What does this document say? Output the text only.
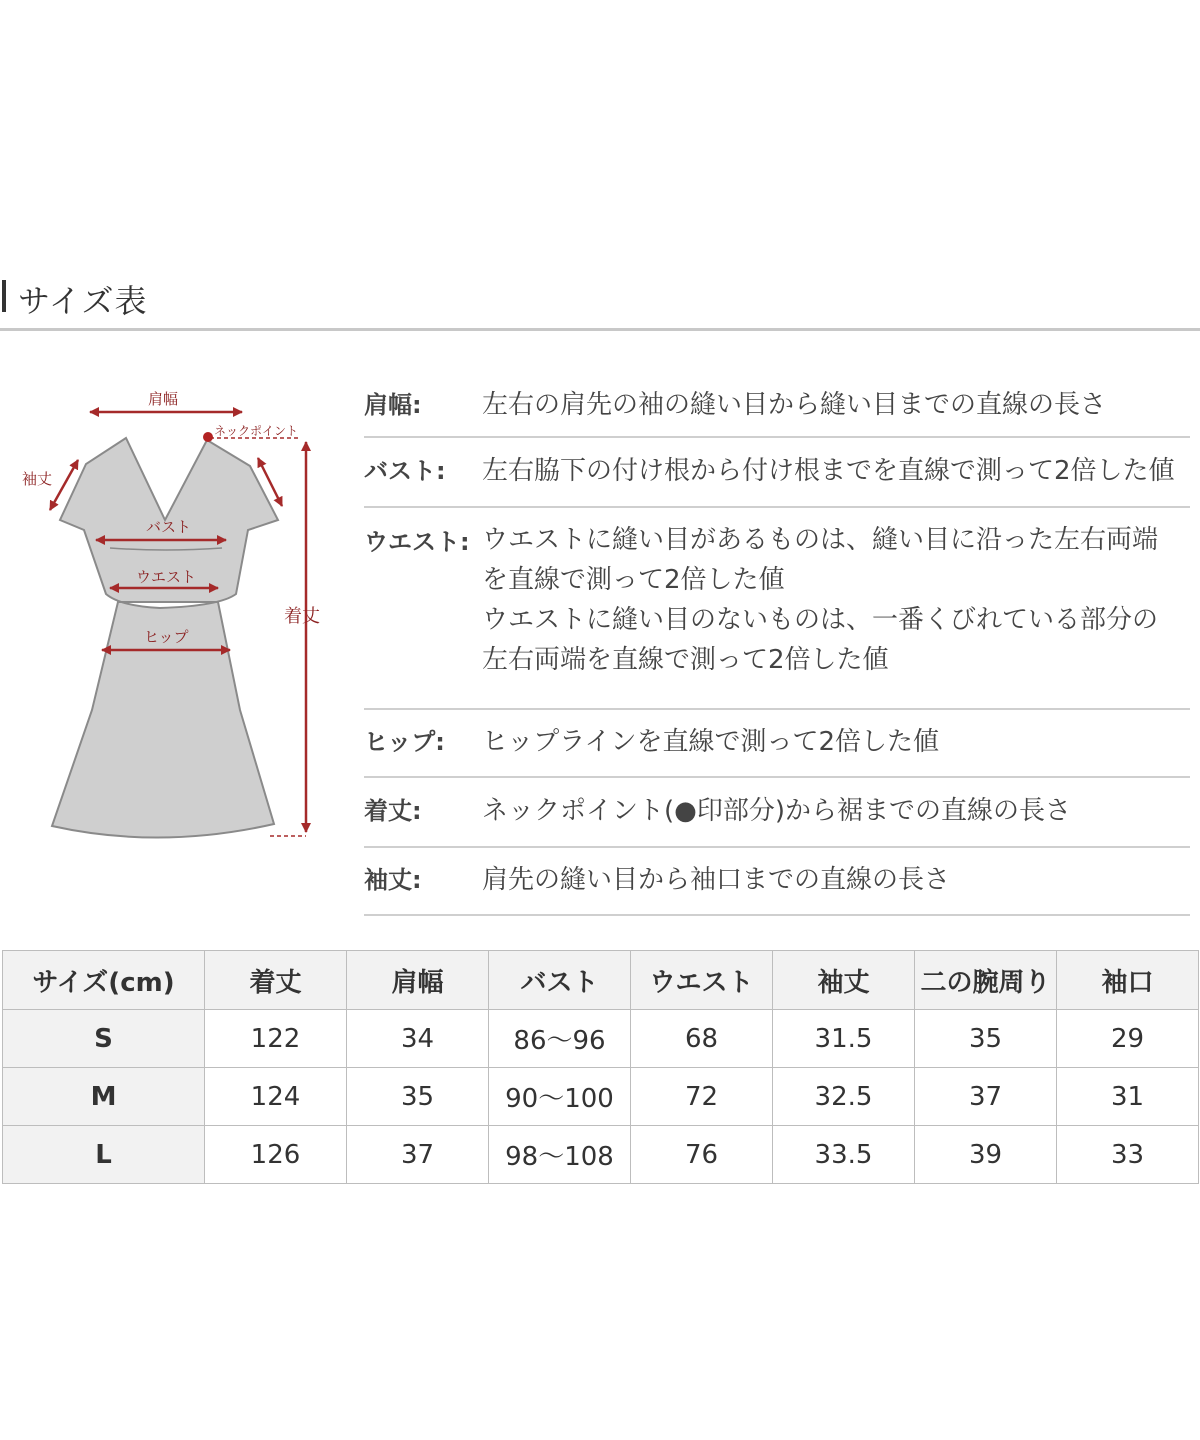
サイズ表
肩幅
ネックポイント
袖丈
バスト
ウエスト
ヒップ
着丈
肩幅:	左右の肩先の袖の縫い目から縫い目までの直線の長さ
バスト:	左右脇下の付け根から付け根までを直線で測って2倍した値
ウエスト: ウエストに縫い目があるものは、縫い目に沿った左右両端
を直線で測って2倍した値
ウエストに縫い目のないものは、一番くびれている部分の
左右両端を直線で測って2倍した値
ヒップ:	ヒップラインを直線で測って2倍した値
着丈:	ネックポイント(●印部分)から裾までの直線の長さ
袖丈:	肩先の縫い目から袖口までの直線の長さ
サイズ(cm)	着丈	肩幅	バスト	ウエスト	袖丈	二の腕周り	袖口
S	122	34	86～96	68	31.5	35	29
M	124	35	90～100	72	32.5	37	31
L	126	37	98～108	76	33.5	39	33
